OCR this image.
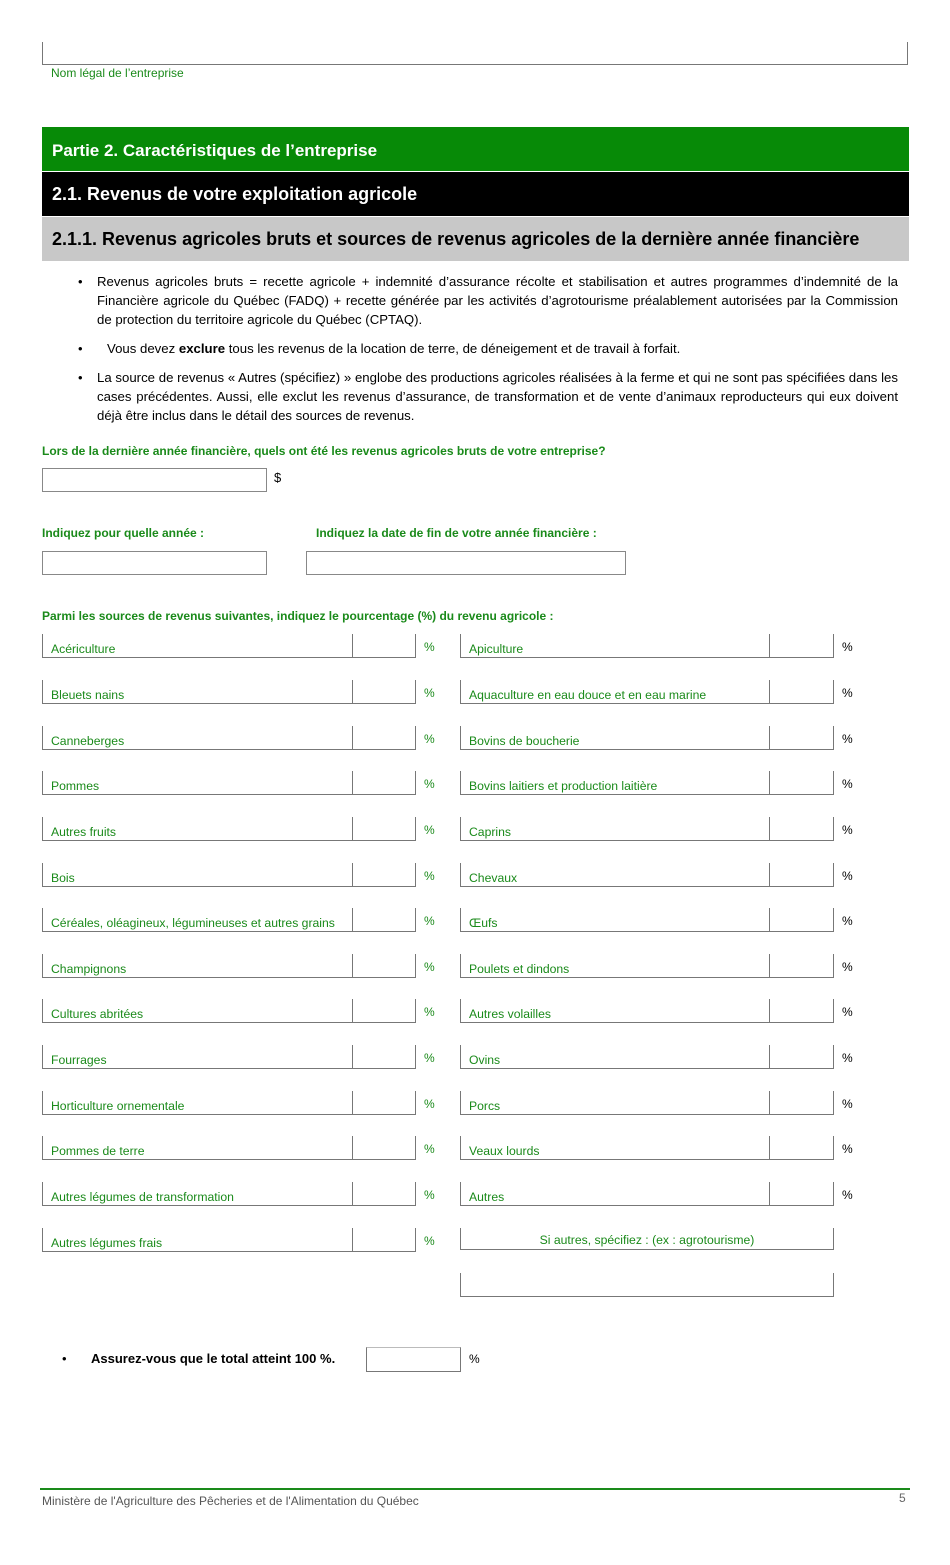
Nom légal de l’entreprise
Partie 2. Caractéristiques de l’entreprise
2.1. Revenus de votre exploitation agricole
2.1.1. Revenus agricoles bruts et sources de revenus agricoles de la dernière année financière
• Revenus agricoles bruts = recette agricole + indemnité d’assurance récolte et stabilisation et autres programmes d’indemnité de la Financière agricole du Québec (FADQ) + recette générée par les activités d’agrotourisme préalablement autorisées par la Commission de protection du territoire agricole du Québec (CPTAQ).
• Vous devez exclure tous les revenus de la location de terre, de déneigement et de travail à forfait.
• La source de revenus « Autres (spécifiez) » englobe des productions agricoles réalisées à la ferme et qui ne sont pas spécifiées dans les cases précédentes. Aussi, elle exclut les revenus d’assurance, de transformation et de vente d’animaux reproducteurs qui eux doivent déjà être inclus dans le détail des sources de revenus.
Lors de la dernière année financière, quels ont été les revenus agricoles bruts de votre entreprise?
$
Indiquez pour quelle année :	Indiquez la date de fin de votre année financière :
Parmi les sources de revenus suivantes, indiquez le pourcentage (%) du revenu agricole :
Acériculture	%
Bleuets nains	%
Canneberges	%
Pommes	%
Autres fruits	%
Bois	%
Céréales, oléagineux, légumineuses et autres grains	%
Champignons	%
Cultures abritées	%
Fourrages	%
Horticulture ornementale	%
Pommes de terre	%
Autres légumes de transformation	%
Autres légumes frais	%
Apiculture	%
Aquaculture en eau douce et en eau marine	%
Bovins de boucherie	%
Bovins laitiers et production laitière	%
Caprins	%
Chevaux	%
Œufs	%
Poulets et dindons	%
Autres volailles	%
Ovins	%
Porcs	%
Veaux lourds	%
Autres	%
Si autres, spécifiez : (ex : agrotourisme)
• Assurez-vous que le total atteint 100 %.	%
Ministère de l'Agriculture des Pêcheries et de l'Alimentation du Québec	5
